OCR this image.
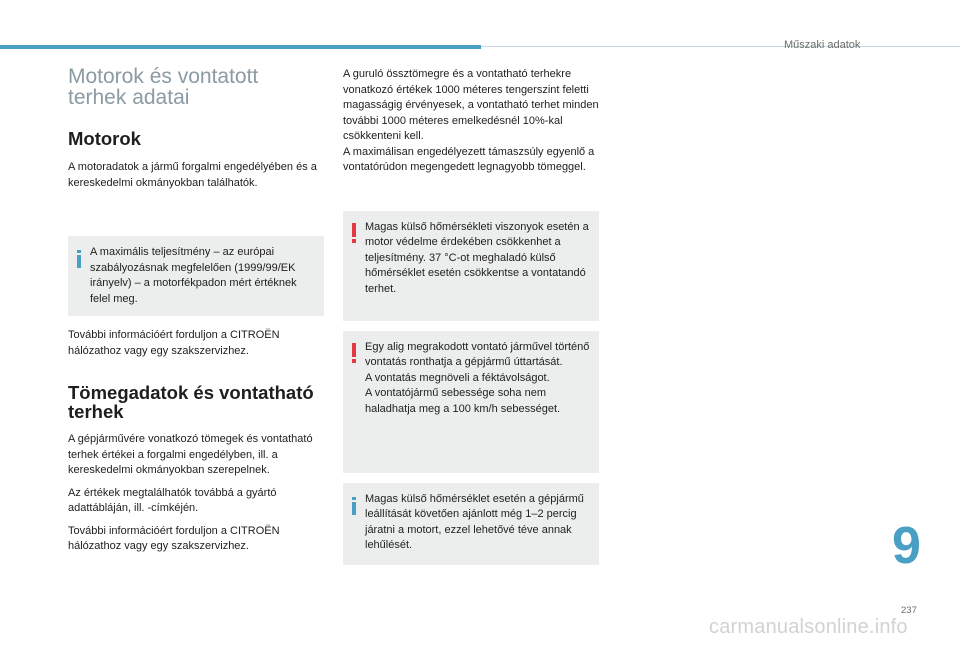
Műszaki adatok
Motorok és vontatott
terhek adatai
Motorok

A motoradatok a jármű forgalmi engedélyében és a kereskedelmi okmányokban találhatók.

A maximális teljesítmény – az európai szabályozásnak megfelelően (1999/99/EK irányelv) – a motorfékpadon mért értéknek felel meg.

További információért forduljon a CITROËN hálózathoz vagy egy szakszervizhez.

Tömegadatok és vontatható terhek

A gépjárművére vonatkozó tömegek és vontatható terhek értékei a forgalmi engedélyben, ill. a kereskedelmi okmányokban szerepelnek.

Az értékek megtalálhatók továbbá a gyártó adattábláján, ill. -címkéjén.

További információért forduljon a CITROËN hálózathoz vagy egy szakszervizhez.

A guruló össztömegre és a vontatható terhekre vonatkozó értékek 1000 méteres tengerszint feletti magasságig érvényesek, a vontatható terhet minden további 1000 méteres emelkedésnél 10%-kal csökkenteni kell.

A maximálisan engedélyezett támaszsúly egyenlő a vontatórúdon megengedett legnagyobb tömeggel.

Magas külső hőmérsékleti viszonyok esetén a motor védelme érdekében csökkenhet a teljesítmény. 37 °C-ot meghaladó külső hőmérséklet esetén csökkentse a vontatandó terhet.

Egy alig megrakodott vontató járművel történő vontatás ronthatja a gépjármű úttartását.

A vontatás megnöveli a féktávolságot.

A vontatójármű sebessége soha nem haladhatja meg a 100 km/h sebességet.

Magas külső hőmérséklet esetén a gépjármű leállítását követően ajánlott még 1–2 percig járatni a motort, ezzel lehetővé téve annak lehűlését.	9
237
carmanualsonline.info
